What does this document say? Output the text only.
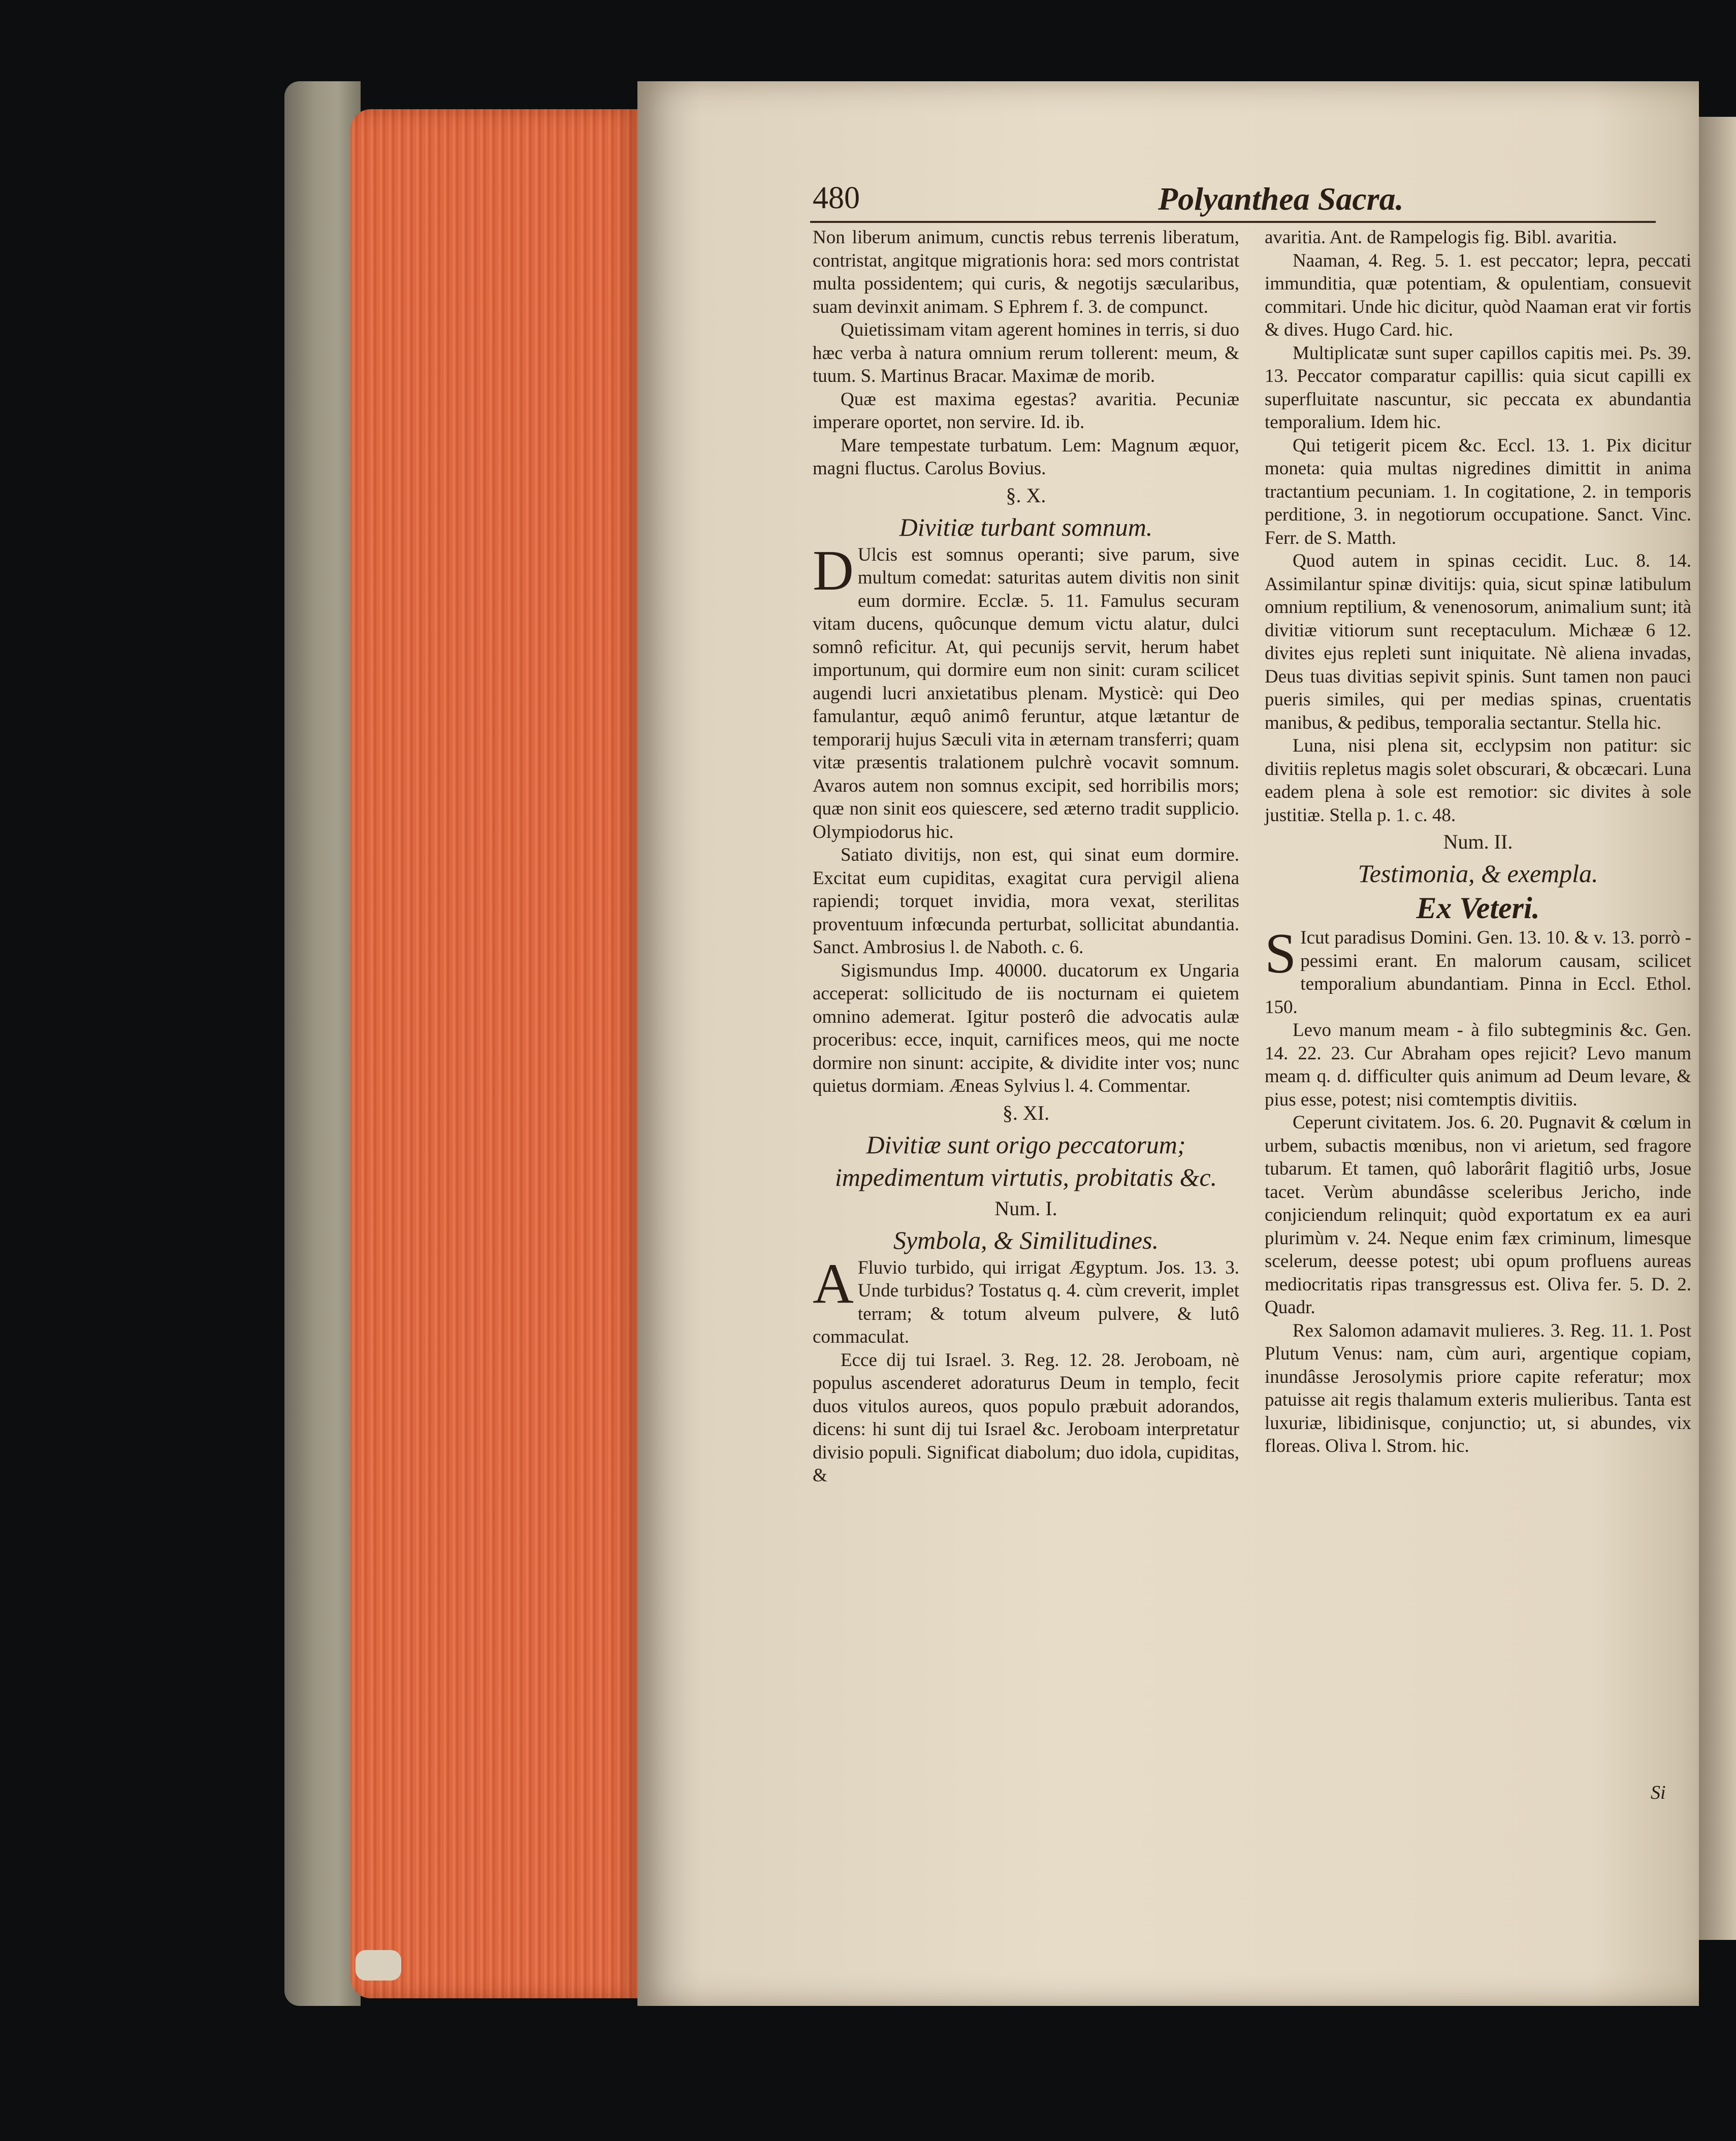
480	Polyanthea Sacra.

Non liberum animum, cunctis rebus terrenis liberatum, contristat, angitque migrationis hora: sed mors contristat multa possidentem; qui curis, & negotijs sæcularibus, suam devinxit animam. S Ephrem f. 3. de compunct.

Quietissimam vitam agerent homines in terris, si duo hæc verba à natura omnium rerum tollerent: meum, & tuum. S. Martinus Bracar. Maximæ de morib.

Quæ est maxima egestas? avaritia. Pecuniæ imperare oportet, non servire. Id. ib.

Mare tempestate turbatum. Lem: Magnum æquor, magni fluctus. Carolus Bovius.

§. X.

Divitiæ turbant somnum.

D Ulcis est somnus operanti; sive parum, sive multum comedat: saturitas autem divitis non sinit eum dormire. Ecclæ. 5. 11. Famulus securam vitam ducens, quôcunque demum victu alatur, dulci somnô reficitur. At, qui pecunijs servit, herum habet importunum, qui dormire eum non sinit: curam scilicet augendi lucri anxietatibus plenam. Mysticè: qui Deo famulantur, æquô animô feruntur, atque lætantur de temporarij hujus Sæculi vita in æternam transferri; quam vitæ præsentis tralationem pulchrè vocavit somnum. Avaros autem non somnus excipit, sed horribilis mors; quæ non sinit eos quiescere, sed æterno tradit supplicio. Olympiodorus hic.

Satiato divitijs, non est, qui sinat eum dormire. Excitat eum cupiditas, exagitat cura pervigil aliena rapiendi; torquet invidia, mora vexat, sterilitas proventuum infœcunda perturbat, sollicitat abundantia. Sanct. Ambrosius l. de Naboth. c. 6.

Sigismundus Imp. 40000. ducatorum ex Ungaria acceperat: sollicitudo de iis nocturnam ei quietem omnino ademerat. Igitur posterô die advocatis aulæ proceribus: ecce, inquit, carnifices meos, qui me nocte dormire non sinunt: accipite, & dividite inter vos; nunc quietus dormiam. Æneas Sylvius l. 4. Commentar.

§. XI.

Divitiæ sunt origo peccatorum; impedimentum virtutis, probitatis &c.

Num. I.

Symbola, & Similitudines.

A Fluvio turbido, qui irrigat Ægyptum. Jos. 13. 3. Unde turbidus? Tostatus q. 4. cùm creverit, implet terram; & totum alveum pulvere, & lutô commaculat.

Ecce dij tui Israel. 3. Reg. 12. 28. Jeroboam, nè populus ascenderet adoraturus Deum in templo, fecit duos vitulos aureos, quos populo præbuit adorandos, dicens: hi sunt dij tui Israel &c. Jeroboam interpretatur divisio populi. Significat diabolum; duo idola, cupiditas, &

avaritia. Ant. de Rampelogis fig. Bibl. avaritia.

Naaman, 4. Reg. 5. 1. est peccator; lepra, peccati immunditia, quæ potentiam, & opulentiam, consuevit commitari. Unde hic dicitur, quòd Naaman erat vir fortis & dives. Hugo Card. hic.

Multiplicatæ sunt super capillos capitis mei. Ps. 39. 13. Peccator comparatur capillis: quia sicut capilli ex superfluitate nascuntur, sic peccata ex abundantia temporalium. Idem hic.

Qui tetigerit picem &c. Eccl. 13. 1. Pix dicitur moneta: quia multas nigredines dimittit in anima tractantium pecuniam. 1. In cogitatione, 2. in temporis perditione, 3. in negotiorum occupatione. Sanct. Vinc. Ferr. de S. Matth.

Quod autem in spinas cecidit. Luc. 8. 14. Assimilantur spinæ divitijs: quia, sicut spinæ latibulum omnium reptilium, & venenosorum, animalium sunt; ità divitiæ vitiorum sunt receptaculum. Michææ 6 12. divites ejus repleti sunt iniquitate. Nè aliena invadas, Deus tuas divitias sepivit spinis. Sunt tamen non pauci pueris similes, qui per medias spinas, cruentatis manibus, & pedibus, temporalia sectantur. Stella hic.

Luna, nisi plena sit, ecclypsim non patitur: sic divitiis repletus magis solet obscurari, & obcæcari. Luna eadem plena à sole est remotior: sic divites à sole justitiæ. Stella p. 1. c. 48.

Num. II.

Testimonia, & exempla.

Ex Veteri.

S Icut paradisus Domini. Gen. 13. 10. & v. 13. porrò - pessimi erant. En malorum causam, scilicet temporalium abundantiam. Pinna in Eccl. Ethol. 150.

Levo manum meam - à filo subtegminis &c. Gen. 14. 22. 23. Cur Abraham opes rejicit? Levo manum meam q. d. difficulter quis animum ad Deum levare, & pius esse, potest; nisi comtemptis divitiis.

Ceperunt civitatem. Jos. 6. 20. Pugnavit & cœlum in urbem, subactis mœnibus, non vi arietum, sed fragore tubarum. Et tamen, quô laborârit flagitiô urbs, Josue tacet. Verùm abundâsse sceleribus Jericho, inde conjiciendum relinquit; quòd exportatum ex ea auri plurimùm v. 24. Neque enim fæx criminum, limesque scelerum, deesse potest; ubi opum profluens aureas mediocritatis ripas transgressus est. Oliva fer. 5. D. 2. Quadr.

Rex Salomon adamavit mulieres. 3. Reg. 11. 1. Post Plutum Venus: nam, cùm auri, argentique copiam, inundâsse Jerosolymis priore capite referatur; mox patuisse ait regis thalamum exteris mulieribus. Tanta est luxuriæ, libidinisque, conjunctio; ut, si abundes, vix floreas. Oliva l. Strom. hic.

Si
